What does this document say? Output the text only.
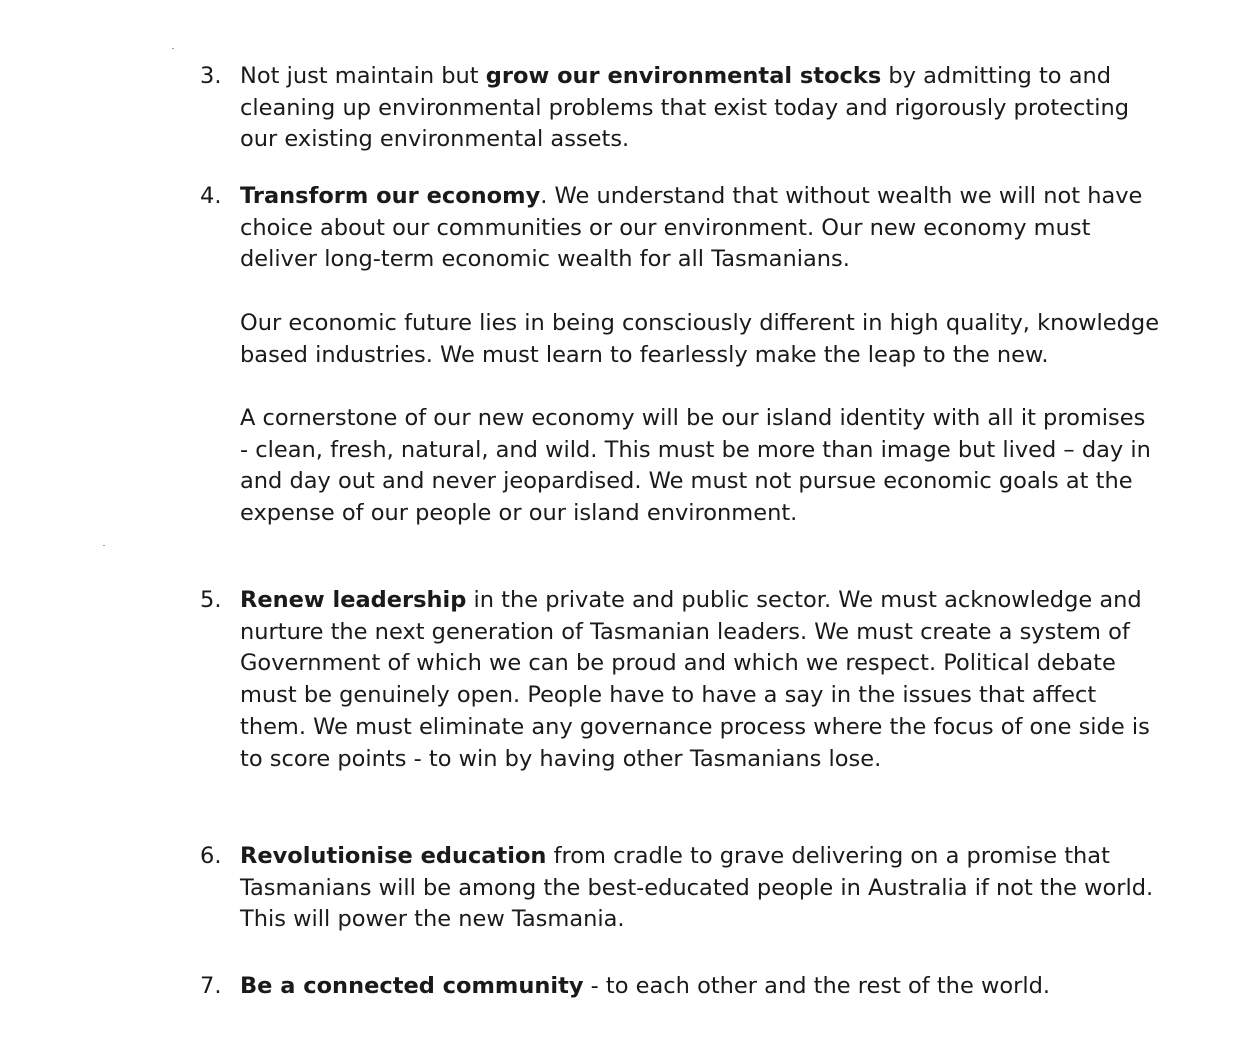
3. Not just maintain but grow our environmental stocks by admitting to and cleaning up environmental problems that exist today and rigorously protecting our existing environmental assets.

4. Transform our economy. We understand that without wealth we will not have choice about our communities or our environment. Our new economy must deliver long-term economic wealth for all Tasmanians.

Our economic future lies in being consciously different in high quality, knowledge based industries. We must learn to fearlessly make the leap to the new.

A cornerstone of our new economy will be our island identity with all it promises - clean, fresh, natural, and wild. This must be more than image but lived – day in and day out and never jeopardised. We must not pursue economic goals at the expense of our people or our island environment.

5. Renew leadership in the private and public sector. We must acknowledge and nurture the next generation of Tasmanian leaders. We must create a system of Government of which we can be proud and which we respect. Political debate must be genuinely open. People have to have a say in the issues that affect them. We must eliminate any governance process where the focus of one side is to score points - to win by having other Tasmanians lose.

6. Revolutionise education from cradle to grave delivering on a promise that Tasmanians will be among the best-educated people in Australia if not the world. This will power the new Tasmania.

7. Be a connected community - to each other and the rest of the world.
